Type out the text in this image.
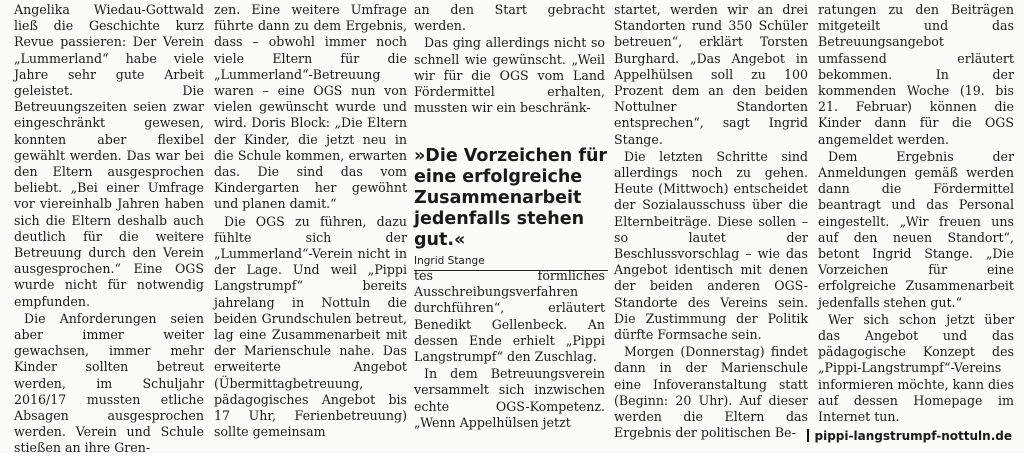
Angelika Wiedau-Gottwald ließ die Geschichte kurz Revue passieren: Der Verein „Lummerland“ habe viele Jahre sehr gute Arbeit geleistet. Die Betreuungszeiten seien zwar eingeschränkt gewesen, konnten aber flexibel gewählt werden. Das war bei den Eltern ausgesprochen beliebt. „Bei einer Umfrage vor viereinhalb Jahren haben sich die Eltern deshalb auch deutlich für die weitere Betreuung durch den Verein ausgesprochen.“ Eine OGS wurde nicht für notwendig empfunden.

Die Anforderungen seien aber immer weiter gewachsen, immer mehr Kinder sollten betreut werden, im Schuljahr 2016/17 mussten etliche Absagen ausgesprochen werden. Verein und Schule stießen an ihre Gren-

zen. Eine weitere Umfrage führte dann zu dem Ergebnis, dass – obwohl immer noch viele Eltern für die „Lummerland“-Betreuung waren – eine OGS nun von vielen gewünscht wurde und wird. Doris Block: „Die Eltern der Kinder, die jetzt neu in die Schule kommen, erwarten das. Die sind das vom Kindergarten her gewöhnt und planen damit.“

Die OGS zu führen, dazu fühlte sich der „Lummerland“-Verein nicht in der Lage. Und weil „Pippi Langstrumpf“ bereits jahrelang in Nottuln die beiden Grundschulen betreut, lag eine Zusammenarbeit mit der Marienschule nahe. Das erweiterte Angebot (Übermittagbetreuung, pädagogisches Angebot bis 17 Uhr, Ferienbetreuung) sollte gemeinsam

an den Start gebracht werden.

Das ging allerdings nicht so schnell wie gewünscht. „Weil wir für die OGS vom Land Fördermittel erhalten, mussten wir ein beschränk-

»Die Vorzeichen für eine erfolgreiche Zusammenarbeit jedenfalls stehen gut.«

Ingrid Stange

tes förmliches Ausschreibungsverfahren durchführen“, erläutert Benedikt Gellenbeck. An dessen Ende erhielt „Pippi Langstrumpf“ den Zuschlag.

In dem Betreuungsverein versammelt sich inzwischen echte OGS-Kompetenz. „Wenn Appelhülsen jetzt

startet, werden wir an drei Standorten rund 350 Schüler betreuen“, erklärt Torsten Burghard. „Das Angebot in Appelhülsen soll zu 100 Prozent dem an den beiden Nottulner Standorten entsprechen“, sagt Ingrid Stange.

Die letzten Schritte sind allerdings noch zu gehen. Heute (Mittwoch) entscheidet der Sozialausschuss über die Elternbeiträge. Diese sollen – so lautet der Beschlussvorschlag – wie das Angebot identisch mit denen der beiden anderen OGS-Standorte des Vereins sein. Die Zustimmung der Politik dürfte Formsache sein.

Morgen (Donnerstag) findet dann in der Marienschule eine Infoveranstaltung statt (Beginn: 20 Uhr). Auf dieser werden die Eltern das Ergebnis der politischen Be-

ratungen zu den Beiträgen mitgeteilt und das Betreuungsangebot umfassend erläutert bekommen. In der kommenden Woche (19. bis 21. Februar) können die Kinder dann für die OGS angemeldet werden.

Dem Ergebnis der Anmeldungen gemäß werden dann die Fördermittel beantragt und das Personal eingestellt. „Wir freuen uns auf den neuen Standort“, betont Ingrid Stange. „Die Vorzeichen für eine erfolgreiche Zusammenarbeit jedenfalls stehen gut.“

Wer sich schon jetzt über das Angebot und das pädagogische Konzept des „Pippi-Langstrumpf“-Vereins informieren möchte, kann dies auf dessen Homepage im Internet tun.

pippi-langstrumpf-nottuln.de
